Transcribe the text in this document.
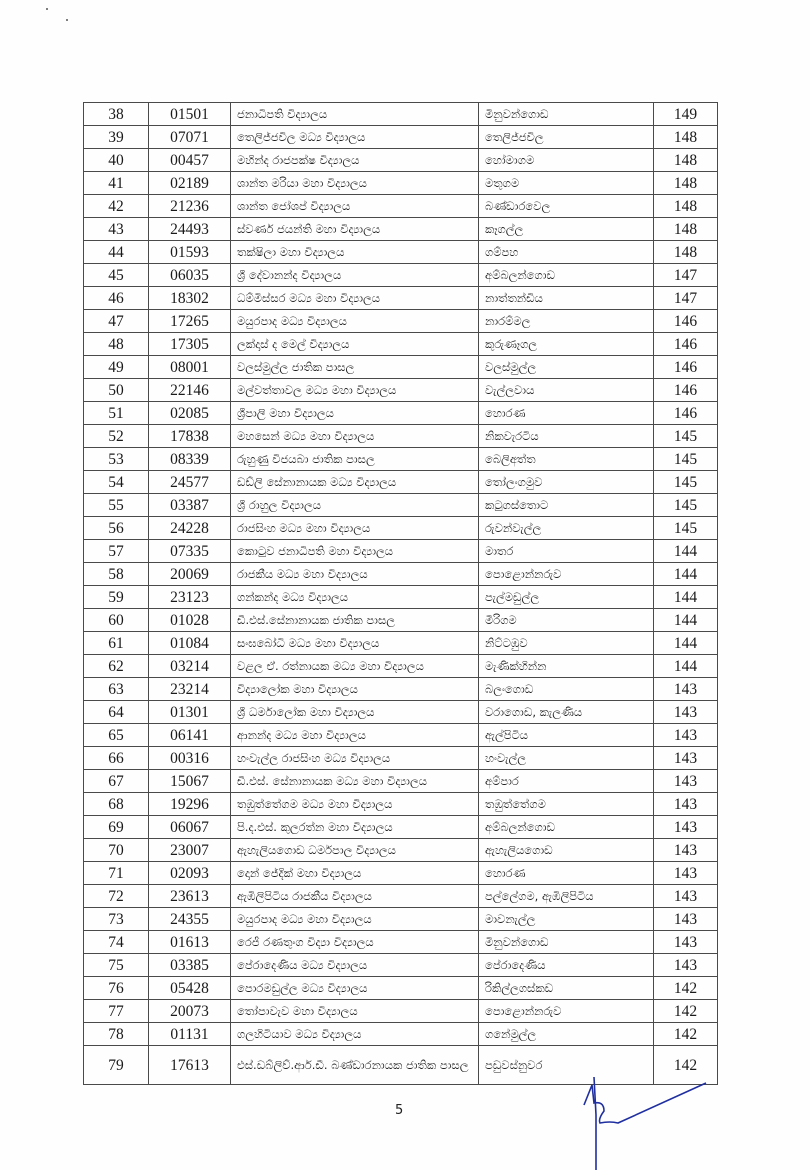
38	01501	ජනාධිපති විද්‍යාලය	මිනුවන්ගොඩ	149
39	07071	තෙලිජ්ජවිල මධ්‍ය විද්‍යාලය	තෙලිජ්ජවිල	148
40	00457	මහින්ද රාජපක්ෂ විද්‍යාලය	හෝමාගම	148
41	02189	ශාන්ත මරියා මහා විද්‍යාලය	මතුගම	148
42	21236	ශාන්ත ජෝශප් විද්‍යාලය	බණ්ඩාරවෙල	148
43	24493	ස්වර්ණ ජයන්ති මහා විද්‍යාලය	කෑගල්ල	148
44	01593	තක්ෂිලා මහා විද්‍යාලය	ගම්පහ	148
45	06035	ශ්‍රී දේවානන්ද විද්‍යාලය	අම්බලන්ගොඩ	147
46	18302	ධම්මිස්සර මධ්‍ය මහා විද්‍යාලය	නාත්තන්ඩිය	147
47	17265	මයුරපාද මධ්‍ය විද්‍යාලය	නාරම්මල	146
48	17305	ලක්දාස් ද මෙල් විද්‍යාලය	කුරුණෑගල	146
49	08001	වලස්මුල්ල ජාතික පාසල	වලස්මුල්ල	146
50	22146	මල්වත්තාවල මධ්‍ය මහා විද්‍යාලය	වැල්ලවාය	146
51	02085	ශ්‍රීපාලි මහා විද්‍යාලය	හොරණ	146
52	17838	මහසෙන් මධ්‍ය මහා විද්‍යාලය	නිකවැරටිය	145
53	08339	රුහුණු විජයබා ජාතික පාසල	බෙලිඅත්ත	145
54	24577	ඩඩ්ලි සේනානායක මධ්‍ය විද්‍යාලය	තෝලංගමුව	145
55	03387	ශ්‍රී රාහුල විද්‍යාලය	කටුගස්තොට	145
56	24228	රාජසිංහ මධ්‍ය මහා විද්‍යාලය	රුවන්වැල්ල	145
57	07335	කොටුව ජනාධිපති මහා විද්‍යාලය	මාතර	144
58	20069	රාජකීය මධ්‍ය මහා විද්‍යාලය	පොළොන්නරුව	144
59	23123	ගන්කන්ද මධ්‍ය විද්‍යාලය	පැල්මඩුල්ල	144
60	01028	ඩී.එස්.සේනානායක ජාතික පාසල	මීරිගම	144
61	01084	සංඝබෝධි මධ්‍ය මහා විද්‍යාලය	නිට්ටඹුව	144
62	03214	වළල ඒ. රත්නායක මධ්‍ය මහා විද්‍යාලය	මැණික්හින්න	144
63	23214	විද්‍යාලෝක මහා විද්‍යාලය	බලංගොඩ	143
64	01301	ශ්‍රී ධර්මාලෝක මහා විද්‍යාලය	වරාගොඩ, කැලණිය	143
65	06141	ආනන්ද මධ්‍ය මහා විද්‍යාලය	ඇල්පිටිය	143
66	00316	හංවැල්ල රාජසිංහ මධ්‍ය විද්‍යාලය	හංවැල්ල	143
67	15067	ඩී.එස්. සේනානායක මධ්‍ය මහා විද්‍යාලය	අම්පාර	143
68	19296	තඹුත්තේගම මධ්‍ය මහා විද්‍යාලය	තඹුත්තේගම	143
69	06067	පි.ද.එස්. කුලරත්න මහා විද්‍යාලය	අම්බලන්ගොඩ	143
70	23007	ඇහැලියගොඩ ධර්මපාල විද්‍යාලය	ඇහැලියගොඩ	143
71	02093	දොන් ජේදික් මහා විද්‍යාලය	හොරණ	143
72	23613	ඇඹිලිපිටිය රාජකීය විද්‍යාලය	පල්ලේගම, ඇඹිලිපිටිය	143
73	24355	මයුරපාද මධ්‍ය මහා විද්‍යාලය	මාවනැල්ල	143
74	01613	රෙජී රණතුංග විද්‍යා විද්‍යාලය	මිනුවන්ගොඩ	143
75	03385	පේරාදෙණිය මධ්‍ය විද්‍යාලය	පේරාදෙණිය	143
76	05428	පොරමඩුල්ල මධ්‍ය විද්‍යාලය	රිකිල්ලගස්කඩ	142
77	20073	තෝපාවැව මහා විද්‍යාලය	පොළොන්නරුව	142
78	01131	ගලහිටියාව මධ්‍ය විද්‍යාලය	ගනේමුල්ල	142
79	17613	එස්.ඩබ්ලිව්.ආර්.ඩී. බණ්ඩාරනායක ජාතික පාසල	පඩුවස්නුවර	142
5
